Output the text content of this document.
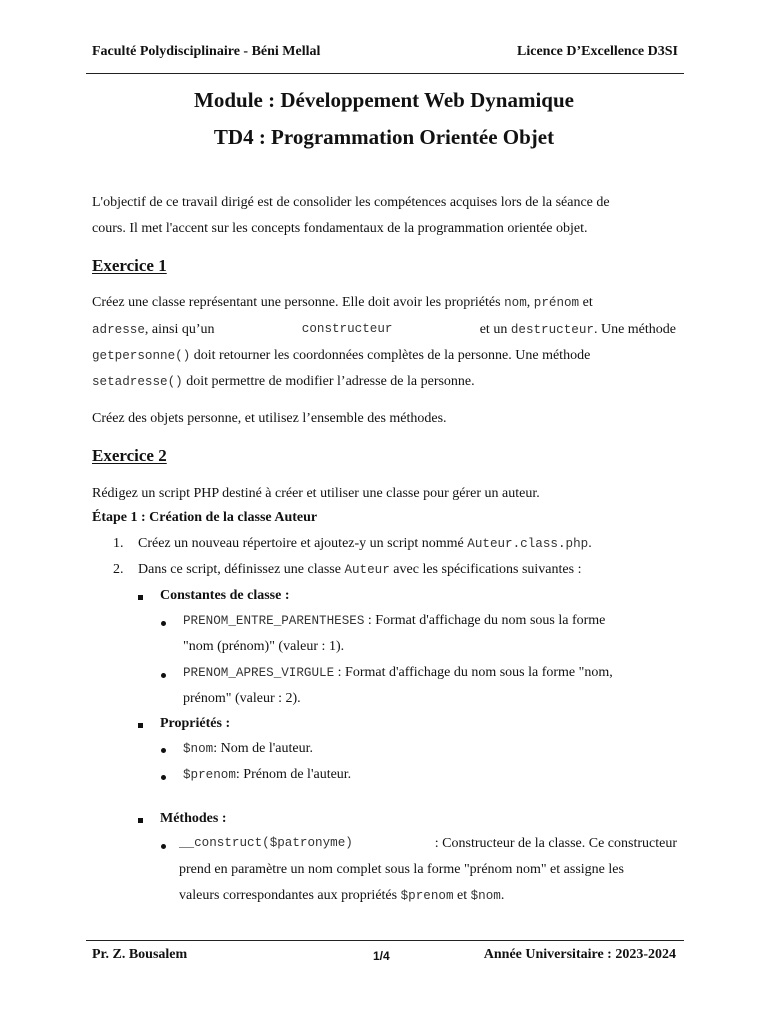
Faculté Polydisciplinaire - Béni Mellal	Licence D’Excellence D3SI
Module : Développement Web Dynamique
TD4 : Programmation Orientée Objet
L'objectif de ce travail dirigé est de consolider les compétences acquises lors de la séance de
cours. Il met l'accent sur les concepts fondamentaux de la programmation orientée objet.
Exercice 1
Créez une classe représentant une personne. Elle doit avoir les propriétés nom, prénom et
adresse, ainsi qu’un	constructeur	et un destructeur. Une méthode
getpersonne() doit retourner les coordonnées complètes de la personne. Une méthode
setadresse() doit permettre de modifier l’adresse de la personne.
Créez des objets personne, et utilisez l’ensemble des méthodes.
Exercice 2
Rédigez un script PHP destiné à créer et utiliser une classe pour gérer un auteur.
Étape 1 : Création de la classe Auteur
1. Créez un nouveau répertoire et ajoutez-y un script nommé Auteur.class.php.
2. Dans ce script, définissez une classe Auteur avec les spécifications suivantes :
Constantes de classe :
PRENOM_ENTRE_PARENTHESES : Format d'affichage du nom sous la forme
"nom (prénom)" (valeur : 1).
PRENOM_APRES_VIRGULE : Format d'affichage du nom sous la forme "nom,
prénom" (valeur : 2).
Propriétés :
$nom: Nom de l'auteur.
$prenom: Prénom de l'auteur.
Méthodes :
__construct($patronyme)	: Constructeur de la classe. Ce constructeur
prend en paramètre un nom complet sous la forme "prénom nom" et assigne les
valeurs correspondantes aux propriétés $prenom et $nom.
Pr. Z. Bousalem	1/4	Année Universitaire : 2023-2024
